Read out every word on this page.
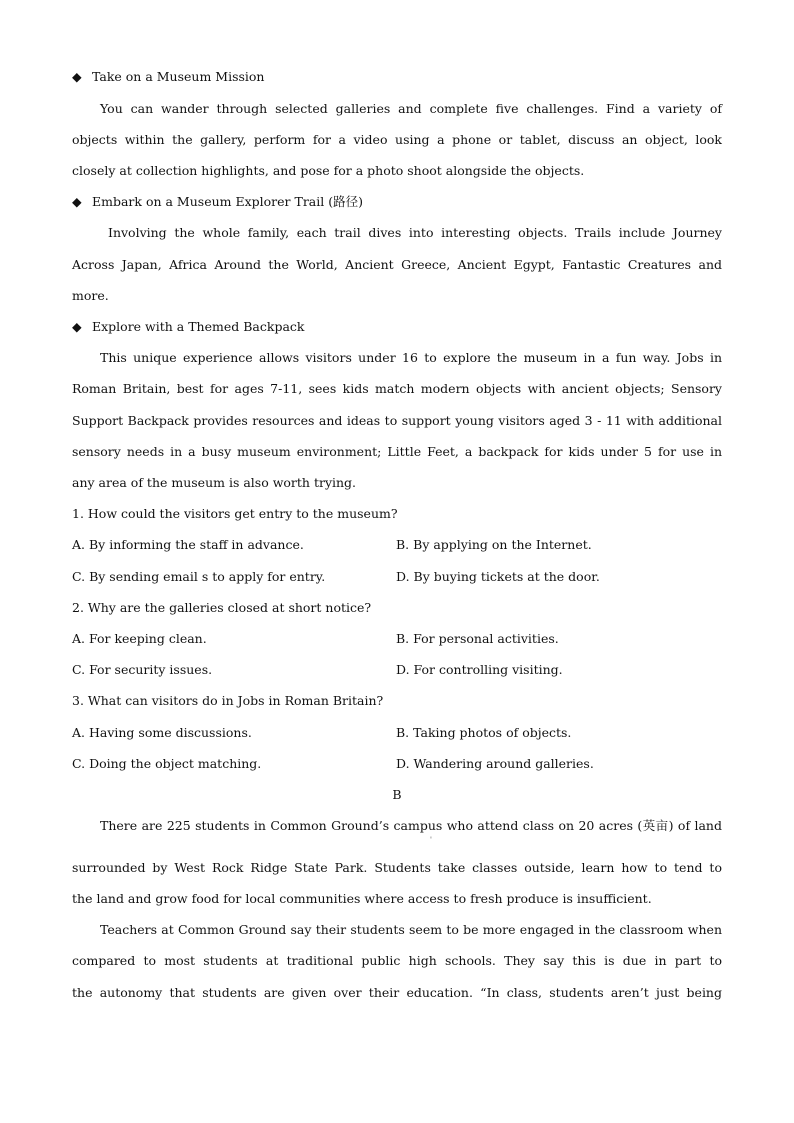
◆ Take on a Museum Mission
You can wander through selected galleries and complete five challenges. Find a variety of
objects within the gallery, perform for a video using a phone or tablet, discuss an object, look
closely at collection highlights, and pose for a photo shoot alongside the objects.
◆ Embark on a Museum Explorer Trail (路径)
Involving the whole family, each trail dives into interesting objects. Trails include Journey
Across Japan, Africa Around the World, Ancient Greece, Ancient Egypt, Fantastic Creatures and
more.
◆ Explore with a Themed Backpack
This unique experience allows visitors under 16 to explore the museum in a fun way. Jobs in
Roman Britain, best for ages 7-11, sees kids match modern objects with ancient objects; Sensory
Support Backpack provides resources and ideas to support young visitors aged 3 - 11 with additional
sensory needs in a busy museum environment; Little Feet, a backpack for kids under 5 for use in
any area of the museum is also worth trying.
1. How could the visitors get entry to the museum?
A. By informing the staff in advance.	B. By applying on the Internet.
C. By sending email s to apply for entry.	D. By buying tickets at the door.
2. Why are the galleries closed at short notice?
A. For keeping clean.	B. For personal activities.
C. For security issues.	D. For controlling visiting.
3. What can visitors do in Jobs in Roman Britain?
A. Having some discussions.	B. Taking photos of objects.
C. Doing the object matching.	D. Wandering around galleries.
B
There are 225 students in Common Ground’s campus who attend class on 20 acres (英亩) of land
'
surrounded by West Rock Ridge State Park. Students take classes outside, learn how to tend to
the land and grow food for local communities where access to fresh produce is insufficient.
Teachers at Common Ground say their students seem to be more engaged in the classroom when
compared to most students at traditional public high schools. They say this is due in part to
the autonomy that students are given over their education. “In class, students aren’t just being
